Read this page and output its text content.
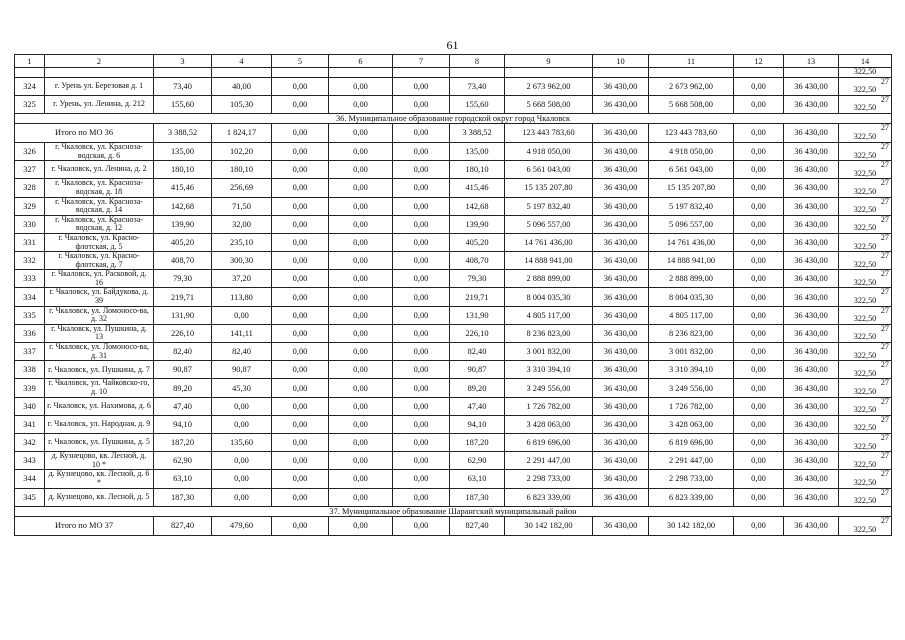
61
1	2	3	4	5	6	7	8	9	10	11	12	13	14
													322,50
324	г. Урень ул. Березовая д. 1	73,40	40,00	0,00	0,00	0,00	73,40	2 673 962,00	36 430,00	2 673 962,00	0,00	36 430,00	27
322,50

325	г. Урень, ул. Ленина, д. 212	155,60	105,30	0,00	0,00	0,00	155,60	5 668 508,00	36 430,00	5 668 508,00	0,00	36 430,00	27
322,50

36. Муниципальное образование городской округ город Чкаловск													
Итого по МО 36		3 388,52	1 824,17	0,00	0,00	0,00	3 388,52	123 443 783,60	36 430,00	123 443 783,60	0,00	36 430,00	27
322,50

326	г. Чкаловск, ул. Красноза-водская, д. 6	135,00	102,20	0,00	0,00	0,00	135,00	4 918 050,00	36 430,00	4 918 050,00	0,00	36 430,00	27
322,50

327	г. Чкаловск, ул. Ленина, д. 2	180,10	180,10	0,00	0,00	0,00	180,10	6 561 043,00	36 430,00	6 561 043,00	0,00	36 430,00	27
322,50

328	г. Чкаловск, ул. Красноза-водская, д. 18	415,46	256,69	0,00	0,00	0,00	415,46	15 135 207,80	36 430,00	15 135 207,80	0,00	36 430,00	27
322,50

329	г. Чкаловск, ул. Красноза-водская, д. 14	142,68	71,50	0,00	0,00	0,00	142,68	5 197 832,40	36 430,00	5 197 832,40	0,00	36 430,00	27
322,50

330	г. Чкаловск, ул. Красноза-водская, д. 12	139,90	32,00	0,00	0,00	0,00	139,90	5 096 557,00	36 430,00	5 096 557,00	0,00	36 430,00	27
322,50

331	г. Чкаловск, ул. Красно-флотская, д. 5	405,20	235,10	0,00	0,00	0,00	405,20	14 761 436,00	36 430,00	14 761 436,00	0,00	36 430,00	27
322,50

332	г. Чкаловск, ул. Красно-флотская, д. 7	408,70	300,30	0,00	0,00	0,00	408,70	14 888 941,00	36 430,00	14 888 941,00	0,00	36 430,00	27
322,50

333	г. Чкаловск, ул. Расковой, д. 16	79,30	37,20	0,00	0,00	0,00	79,30	2 888 899,00	36 430,00	2 888 899,00	0,00	36 430,00	27
322,50

334	г. Чкаловск, ул. Байдукова, д. 39	219,71	113,80	0,00	0,00	0,00	219,71	8 004 035,30	36 430,00	8 004 035,30	0,00	36 430,00	27
322,50

335	г. Чкаловск, ул. Ломоносо-ва, д. 32	131,90	0,00	0,00	0,00	0,00	131,90	4 805 117,00	36 430,00	4 805 117,00	0,00	36 430,00	27
322,50

336	г. Чкаловск, ул. Пушкина, д. 13	226,10	141,11	0,00	0,00	0,00	226,10	8 236 823,00	36 430,00	8 236 823,00	0,00	36 430,00	27
322,50

337	г. Чкаловск, ул. Ломоносо-ва, д. 31	82,40	82,40	0,00	0,00	0,00	82,40	3 001 832,00	36 430,00	3 001 832,00	0,00	36 430,00	27
322,50

338	г. Чкаловск, ул. Пушкина, д. 7	90,87	90,87	0,00	0,00	0,00	90,87	3 310 394,10	36 430,00	3 310 394,10	0,00	36 430,00	27
322,50

339	г. Чкаловск, ул. Чайковско-го, д. 10	89,20	45,30	0,00	0,00	0,00	89,20	3 249 556,00	36 430,00	3 249 556,00	0,00	36 430,00	27
322,50

340	г. Чкаловск, ул. Нахимова, д. 6	47,40	0,00	0,00	0,00	0,00	47,40	1 726 782,00	36 430,00	1 726 782,00	0,00	36 430,00	27
322,50

341	г. Чкаловск, ул. Народная, д. 9	94,10	0,00	0,00	0,00	0,00	94,10	3 428 063,00	36 430,00	3 428 063,00	0,00	36 430,00	27
322,50

342	г. Чкаловск, ул. Пушкина, д. 5	187,20	135,60	0,00	0,00	0,00	187,20	6 819 696,00	36 430,00	6 819 696,00	0,00	36 430,00	27
322,50

343	д. Кузнецово, кв. Лесной, д. 10 *	62,90	0,00	0,00	0,00	0,00	62,90	2 291 447,00	36 430,00	2 291 447,00	0,00	36 430,00	27
322,50

344	д. Кузнецово, кв. Лесной, д. 6 *	63,10	0,00	0,00	0,00	0,00	63,10	2 298 733,00	36 430,00	2 298 733,00	0,00	36 430,00	27
322,50

345	д. Кузнецово, кв. Лесной, д. 5	187,30	0,00	0,00	0,00	0,00	187,30	6 823 339,00	36 430,00	6 823 339,00	0,00	36 430,00	27
322,50

37. Муниципальное образование Шарангский муниципальный район													
Итого по МО 37		827,40	479,60	0,00	0,00	0,00	827,40	30 142 182,00	36 430,00	30 142 182,00	0,00	36 430,00	27
322,50
